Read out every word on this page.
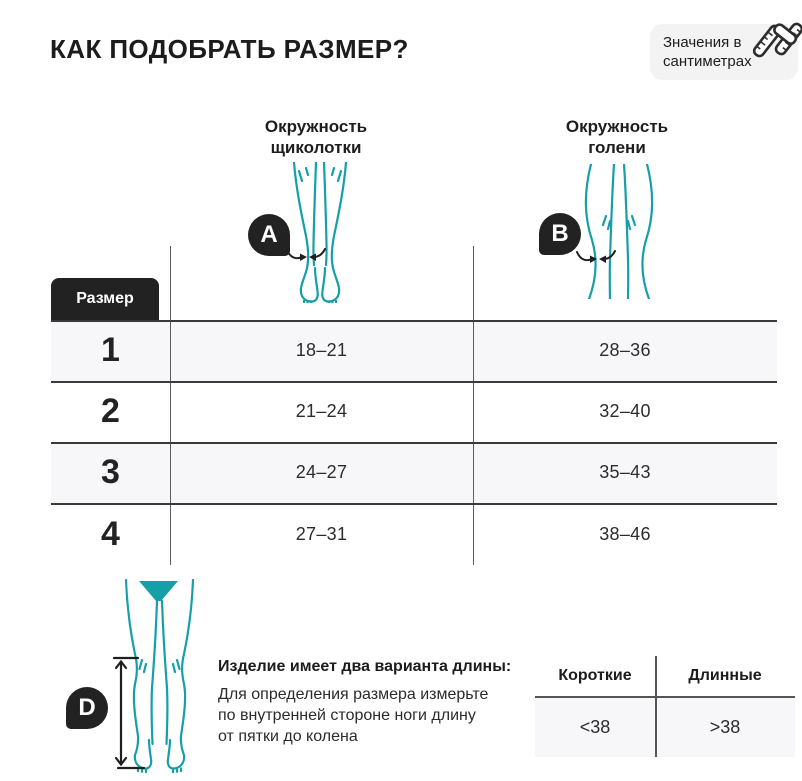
КАК ПОДОБРАТЬ РАЗМЕР?	Значения в
сантиметрах
Окружность
щиколотки
Окружность
голени
A	B
1	18–21	28–36
2	21–24	32–40
3	24–27	35–43
4	27–31	38–46
Размер
D
Изделие имеет два варианта длины:
Для определения размера измерьте
по внутренней стороне ноги длину
от пятки до колена
Короткие	Длинные
<38	>38
